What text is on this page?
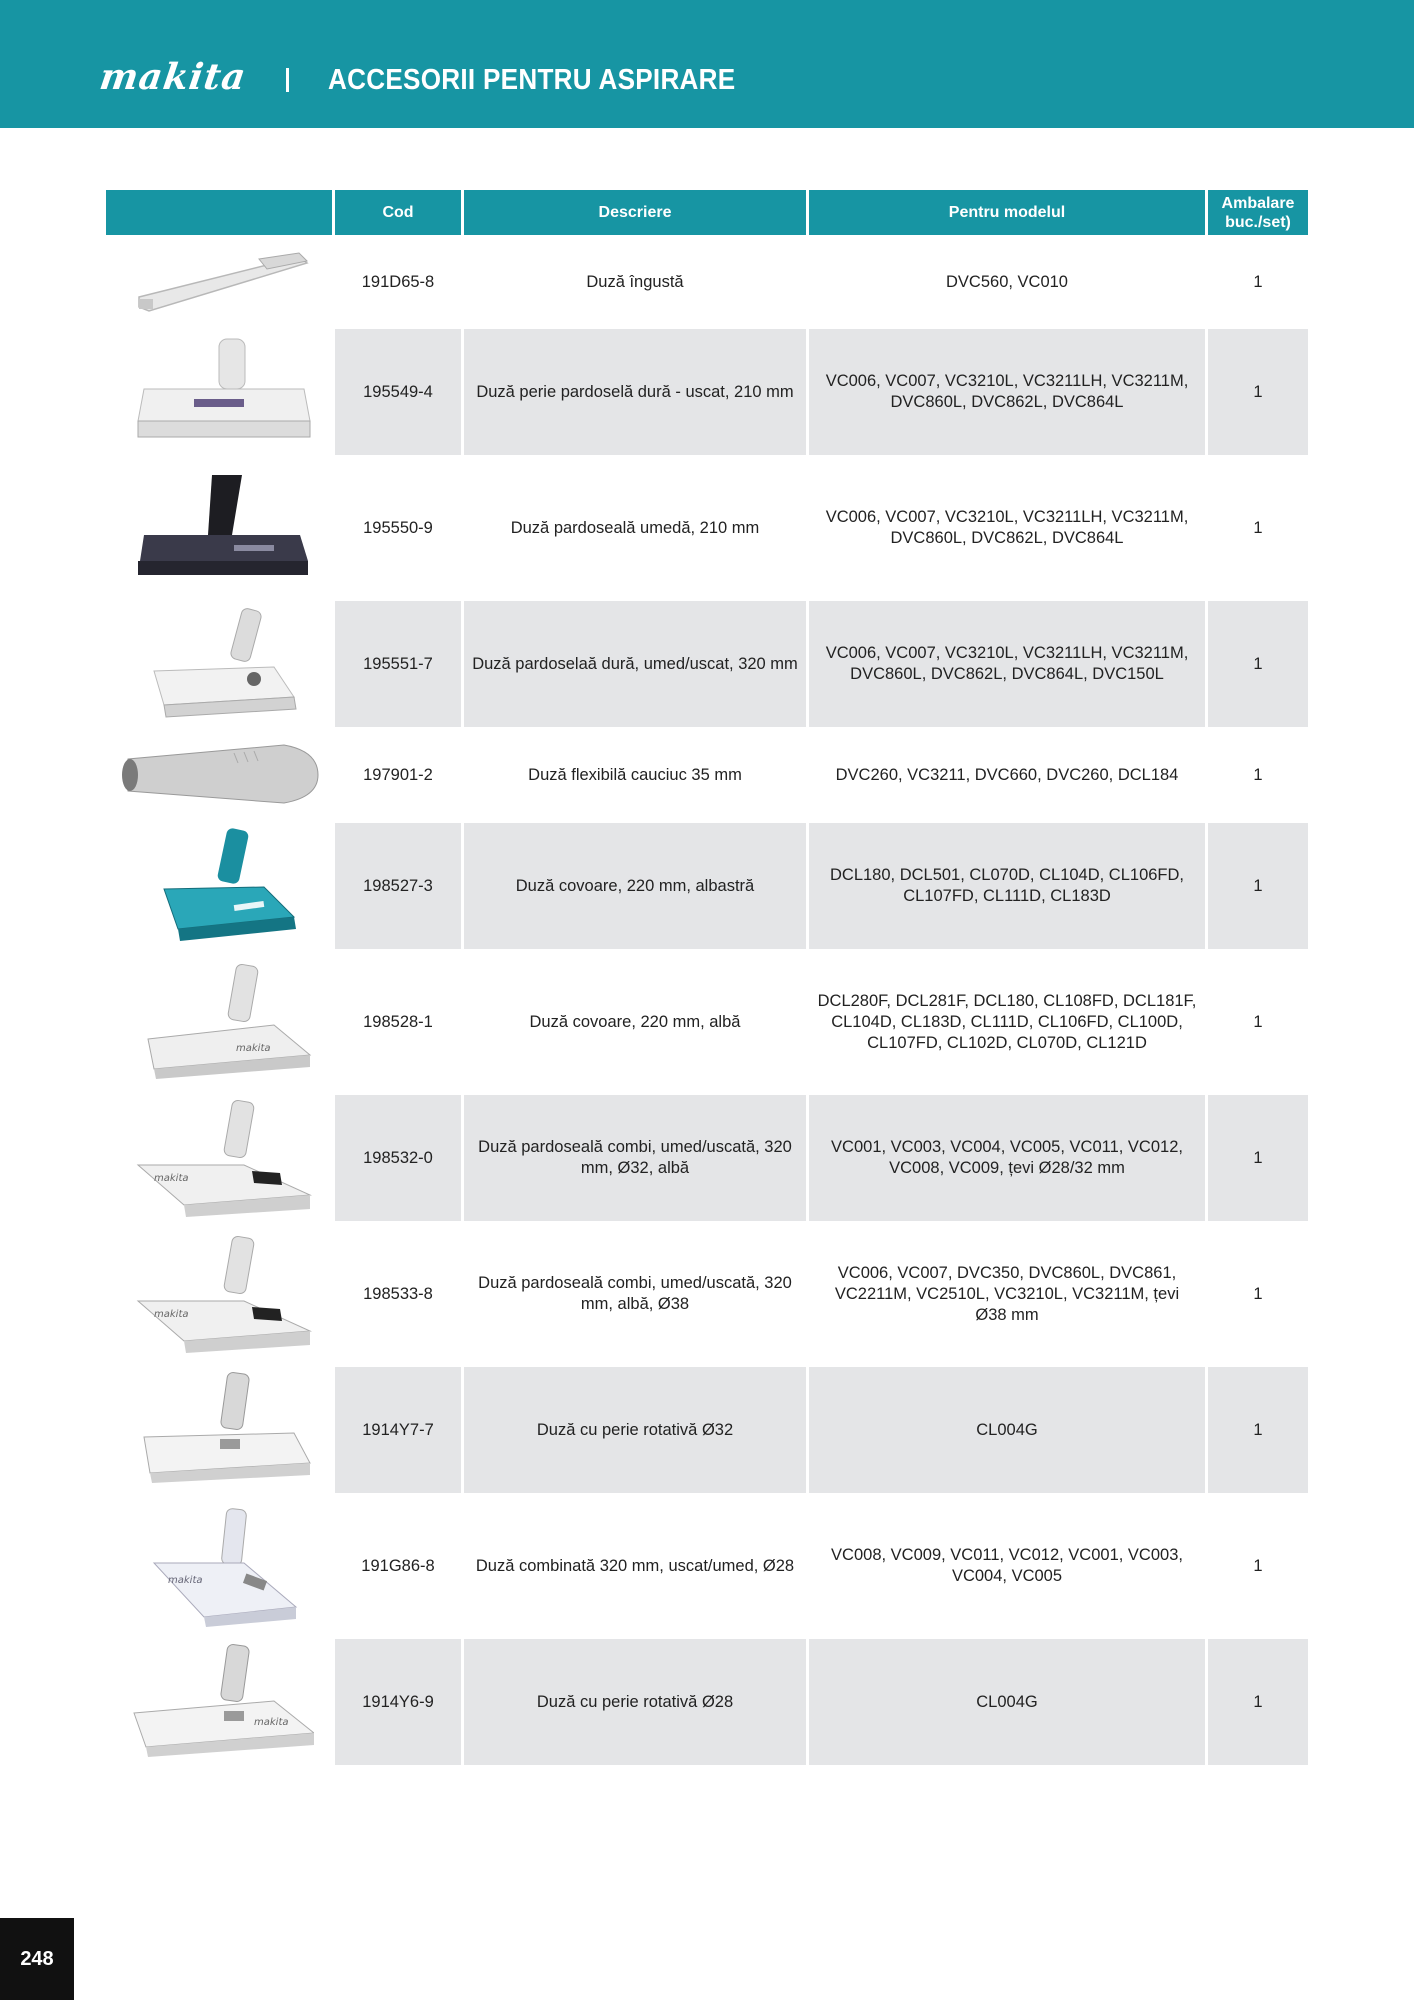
makita	ACCESORII PENTRU ASPIRARE
	Cod	Descriere	Pentru modelul	Ambalare buc./set)

	191D65-8	Duză îngustă	DVC560, VC010	1

	195549-4	Duză perie pardoselă dură - uscat, 210 mm	VC006, VC007, VC3210L, VC3211LH, VC3211M, DVC860L, DVC862L, DVC864L	1

	195550-9	Duză pardoseală umedă, 210 mm	VC006, VC007, VC3210L, VC3211LH, VC3211M, DVC860L, DVC862L, DVC864L	1

	195551-7	Duză pardoselaă dură, umed/uscat, 320 mm	VC006, VC007, VC3210L, VC3211LH, VC3211M, DVC860L, DVC862L, DVC864L, DVC150L	1

	197901-2	Duză flexibilă cauciuc 35 mm	DVC260, VC3211, DVC660, DVC260, DCL184	1

	198527-3	Duză covoare, 220 mm, albastră	DCL180, DCL501, CL070D, CL104D, CL106FD, CL107FD, CL111D, CL183D	1

makita	198528-1	Duză covoare, 220 mm, albă	DCL280F, DCL281F, DCL180, CL108FD, DCL181F, CL104D, CL183D, CL111D, CL106FD, CL100D, CL107FD, CL102D, CL070D, CL121D	1

makita	198532-0	Duză pardoseală combi, umed/uscată, 320 mm, Ø32, albă	VC001, VC003, VC004, VC005, VC011, VC012, VC008, VC009, țevi Ø28/32 mm	1

makita	198533-8	Duză pardoseală combi, umed/uscată, 320 mm, albă, Ø38	VC006, VC007, DVC350, DVC860L, DVC861, VC2211M, VC2510L, VC3210L, VC3211M, țevi Ø38 mm	1

	1914Y7-7	Duză cu perie rotativă Ø32	CL004G	1

makita	191G86-8	Duză combinată 320 mm, uscat/umed, Ø28	VC008, VC009, VC011, VC012, VC001, VC003, VC004, VC005	1

makita	1914Y6-9	Duză cu perie rotativă Ø28	CL004G	1
248
